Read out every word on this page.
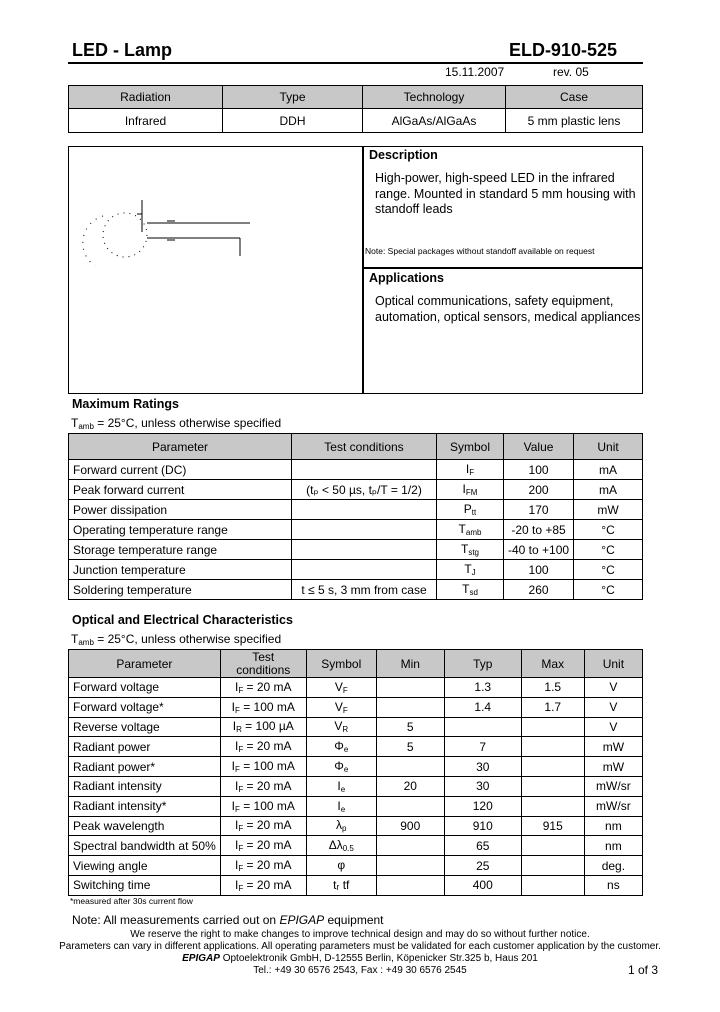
LED - Lamp	ELD-910-525
15.11.2007	rev. 05
Radiation	Type	Technology	Case
Infrared	DDH	AlGaAs/AlGaAs	5 mm plastic lens
Description
High-power, high-speed LED in the infrared range. Mounted in standard 5 mm housing with standoff leads
Note: Special packages without standoff available on request
Applications
Optical communications, safety equipment, automation, optical sensors, medical appliances
Maximum Ratings
$T_{amb} = 25^\circ C$, unless otherwise specified
Parameter	Test conditions	Symbol	Value	Unit
Forward current (DC)		$I_F$	100	mA
Peak forward current	(tₚ < 50 µs, tₚ/T = 1/2)	$I_{FM}$	200	mA
Power dissipation		$P_{tt}$	170	mW
Operating temperature range		$T_{amb}$	-20 to +85	°C
Storage temperature range		$T_{stg}$	-40 to +100	°C
Junction temperature		$T_J$	100	°C
Soldering temperature	t ≤ 5 s, 3 mm from case	$T_{sd}$	260	°C
Optical and Electrical Characteristics
$T_{amb} = 25^\circ C$, unless otherwise specified
Parameter	Test conditions	Symbol	Min	Typ	Max	Unit
Forward voltage	$I_F = 20$ mA	$V_F$		1.3	1.5	V
Forward voltage*	$I_F = 100$ mA	$V_F$		1.4	1.7	V
Reverse voltage	$I_R = 100$ µA	$V_R$	5			V
Radiant power	$I_F = 20$ mA	$\Phi_e$	5	7		mW
Radiant power*	$I_F = 100$ mA	$\Phi_e$		30		mW
Radiant intensity	$I_F = 20$ mA	$I_e$	20	30		mW/sr
Radiant intensity*	$I_F = 100$ mA	$I_e$		120		mW/sr
Peak wavelength	$I_F = 20$ mA	$\lambda_p$	900	910	915	nm
Spectral bandwidth at 50%	$I_F = 20$ mA	$\Delta\lambda_{0.5}$		65		nm
Viewing angle	$I_F = 20$ mA	φ		25		deg.
Switching time	$I_F = 20$ mA	tᵣ tf		400		ns
*measured after 30s current flow
Note: All measurements carried out on EPIGAP equipment
We reserve the right to make changes to improve technical design and may do so without further notice.
Parameters can vary in different applications. All operating parameters must be validated for each customer application by the customer.
EPIGAP Optoelektronik GmbH, D-12555 Berlin, Köpenicker Str.325 b, Haus 201
Tel.: +49 30 6576 2543, Fax : +49 30 6576 2545	1 of 3
